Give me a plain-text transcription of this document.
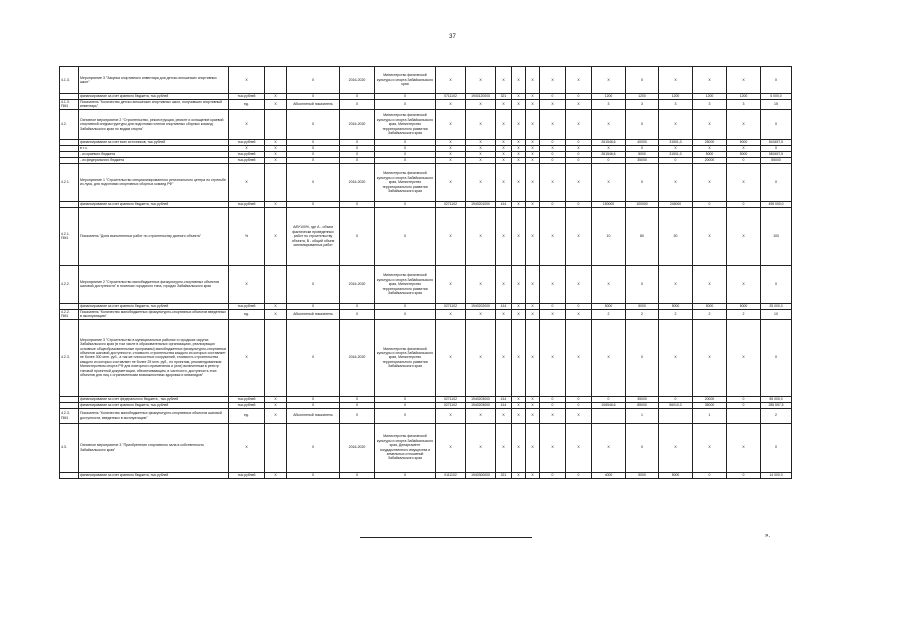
37
4.1.3.	Мероприятие 3 "Закупка спортивного инвентаря для детско-юношеских спортивных школ"	X		X	2016-2020	Министерство физической культуры и спорта Забайкальского края	X	X	X	X	X	X	X	X	X	X	X	X	X
	финансирование за счет краевого бюджета, тыс.рублей	тыс.рублей	X	X	X	X	0711102	1940120000	321	X	X	0	0	1200	1200	1200	1200	1200	6 000,0
4.1.3. ПМ1	Показатель "Количество детско-юношеских спортивных школ, получивших спортивный инвентарь"	ед.	X	Абсолютный показатель	X	X	X	X	X	X	X	X	X	3	3	3	3	3	15
4.2.	Основное мероприятие 2 "Строительство, реконструкция, ремонт и оснащение краевой спортивной инфраструктуры для подготовки членов спортивных сборных команд Забайкальского края по видам спорта"	X		X	2016-2020	Министерство физической культуры и спорта Забайкальского края, Министерство территориального развития Забайкальского края	X	X	X	X	X	X	X	X	X	X	X	X	X
	финансирование за счет всех источников, тыс.рублей	тыс.рублей	X	X	X	X	X	X	X	X	X	0	0	261546,6	40000	31501,0	25000	5000	840457,5
	в т.ч.	X	X	X	X	X	X	X	X	X	X	X	X	X	X	X	X	X	X
	- из краевого бюджета	тыс.рублей	X	X	X	X	X	X	X	X	X	0	0	261546,6	5000	31501,0	5000	5000	580457,5
	- из федерального бюджета	тыс.рублей	X	X	X	X	X	X	X	X	X	0	0	0	35000	0	20000	0	55000
4.2.1.	Мероприятие 1 "Строительство специализированного регионального центра по стрельбе из лука, для подготовки спортивных сборных команд РФ"	X		X	2016-2020	Министерство физической культуры и спорта Забайкальского края, Министерство территориального развития Забайкальского края	X	X	X	X	X	X	X	X	X	X	X	X	X
	финансирование за счет краевого бюджета, тыс.рублей	тыс.рублей	X	X	X	X	0271102	1940201000	414	X	X	0	0	150000	100000	245000	0	0	495 000,0
4.2.1. ПМ1	Показатель "Доля выполненных работ по строительству данного объекта"	%	X	А/В*100%, где А - объем фактически проведенных работ по строительству объекта, В - общий объем запланированных работ	X	X	X	X	X	X	X	X	X	10	80	30	X	X	100
4.2.2.	Мероприятие 2 "Строительство малобюджетных физкультурно-спортивных объектов шаговой доступности" в поселках городского типа, городах Забайкальского края	X		X	2016-2020	Министерство физической культуры и спорта Забайкальского края, Министерство территориального развития Забайкальского края	X	X	X	X	X	X	X	X	X	X	X	X	X
	финансирование за счет краевого бюджета, тыс.рублей	тыс.рублей	X	X	X	X	0271102	1940202000	414	X	X	0	0	5000	5000	5000	5000	5000	25 000,0
4.2.2. ПМ1	Показатель "Количество малобюджетных физкультурно-спортивных объектов введенных в эксплуатацию"	ед.	X	Абсолютный показатель	X	X	X	X	X	X	X	X	X	2	2	2	2	2	10
4.2.3.	Мероприятие 3 "Строительство в муниципальных районах и городских округах Забайкальского края (в том числе в образовательных организациях, реализующих основные общеобразовательные программы) малобюджетных физкультурно-спортивных объектов шаговой доступности, стоимость строительства каждого из которых составляет не более 300 млн. руб., а так же плоскостных сооружений, стоимость строительства каждого из которых составляет не более 25 млн. руб., по проектам, рекомендованным Министерством спорта РФ для повторного применения и (или) включенным в реестр типовой проектной документации, обеспечивающим, в частности, доступность этих объектов для лиц с ограниченными возможностями здоровья и инвалидов"	X		X	2016-2020	Министерство физической культуры и спорта Забайкальского края, Министерство территориального развития Забайкальского края	X	X	X	X	X	X	X	X	X	X	X	X	X
	финансирование за счет федерального бюджета , тыс.рублей	тыс.рублей	X	X	X	X	0271102	1940203000	414	X	X	0	0	0	35000	0	20000	0	55 000,0
	финансирование за счет краевого бюджета, тыс.рублей	тыс.рублей	X	X	X	X	0271102	1940203000	414	X	X	0	0	106546,6	85000	56010,0	35000	0	285 557,5
4.2.3. ПМ1	Показатель "Количество малобюджетных физкультурно-спортивных объектов шаговой доступности, введенных в эксплуатацию"	ед.	X	Абсолютный показатель	X	X	X	X	X	X	X	X	X		1		1		2
4.3.	Основное мероприятие 3 "Приобретение спортивного зала в собственность Забайкальского края"	X		X	2016-2020	Министерство физической культуры и спорта Забайкальского края, Департамент государственного имущества и земельных отношений Забайкальского края	X	X	X	X	X	X	X	X	X	X	X	X	X
	финансирование за счет краевого бюджета, тыс.рублей	тыс.рублей	X	X	X	X	0111102	1940300000	321	X	X	0	0	4000	5000	5000	0	0	14 000,0
».
